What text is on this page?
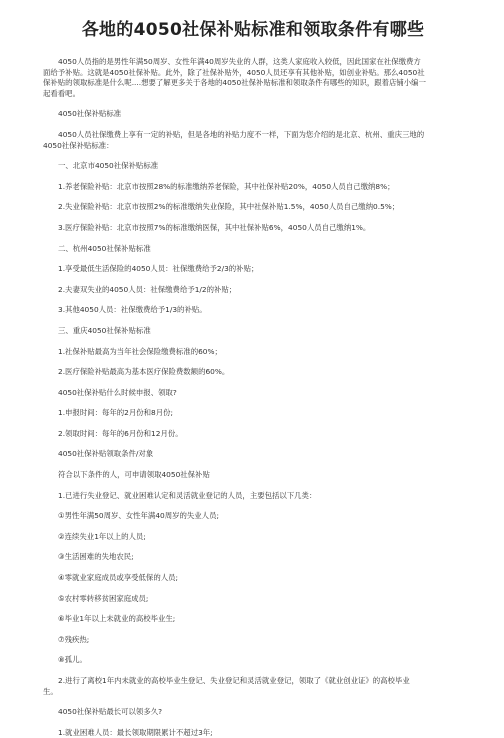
各地的4050社保补贴标准和领取条件有哪些

4050人员指的是男性年满50周岁、女性年满40周岁失业的人群，这类人家庭收入较低，因此国家在社保缴费方

面给予补贴。这就是4050社保补贴。此外，除了社保补贴外，4050人员还享有其他补贴，如创业补贴。那么4050社

保补贴的领取标准是什么呢....想要了解更多关于各地的4050社保补贴标准和领取条件有哪些的知识，跟着店铺小编一

起看看吧。

4050社保补贴标准

4050人员社保缴费上享有一定的补贴，但是各地的补贴力度不一样，下面为您介绍的是北京、杭州、重庆三地的

4050社保补贴标准：

一、北京市4050社保补贴标准

1.养老保险补贴：北京市按照28%的标准缴纳养老保险，其中社保补贴20%，4050人员自己缴纳8%；

2.失业保险补贴：北京市按照2%的标准缴纳失业保险，其中社保补贴1.5%，4050人员自己缴纳0.5%；

3.医疗保险补贴：北京市按照7%的标准缴纳医保，其中社保补贴6%，4050人员自己缴纳1%。

二、杭州4050社保补贴标准

1.享受最低生活保险的4050人员：社保缴费给予2/3的补贴；

2.夫妻双失业的4050人员：社保缴费给予1/2的补贴；

3.其他4050人员：社保缴费给予1/3的补贴。

三、重庆4050社保补贴标准

1.社保补贴最高为当年社会保险缴费标准的60%；

2.医疗保险补贴最高为基本医疗保险费数额的60%。

4050社保补贴什么时候申报、领取?

1.申报时间：每年的2月份和8月份;

2.领取时间：每年的6月份和12月份。

4050社保补贴领取条件/对象

符合以下条件的人，可申请领取4050社保补贴

1.已进行失业登记、就业困难认定和灵活就业登记的人员，主要包括以下几类：

①男性年满50周岁、女性年满40周岁的失业人员;

②连续失业1年以上的人员;

③生活困难的失地农民;

④零就业家庭成员或享受低保的人员;

⑤农村零转移贫困家庭成员;

⑥毕业1年以上未就业的高校毕业生;

⑦残疾热;

⑧孤儿。

2.进行了离校1年内未就业的高校毕业生登记、失业登记和灵活就业登记，领取了《就业创业证》的高校毕业

生。

4050社保补贴最长可以领多久?

1.就业困难人员：最长领取期限累计不超过3年;
